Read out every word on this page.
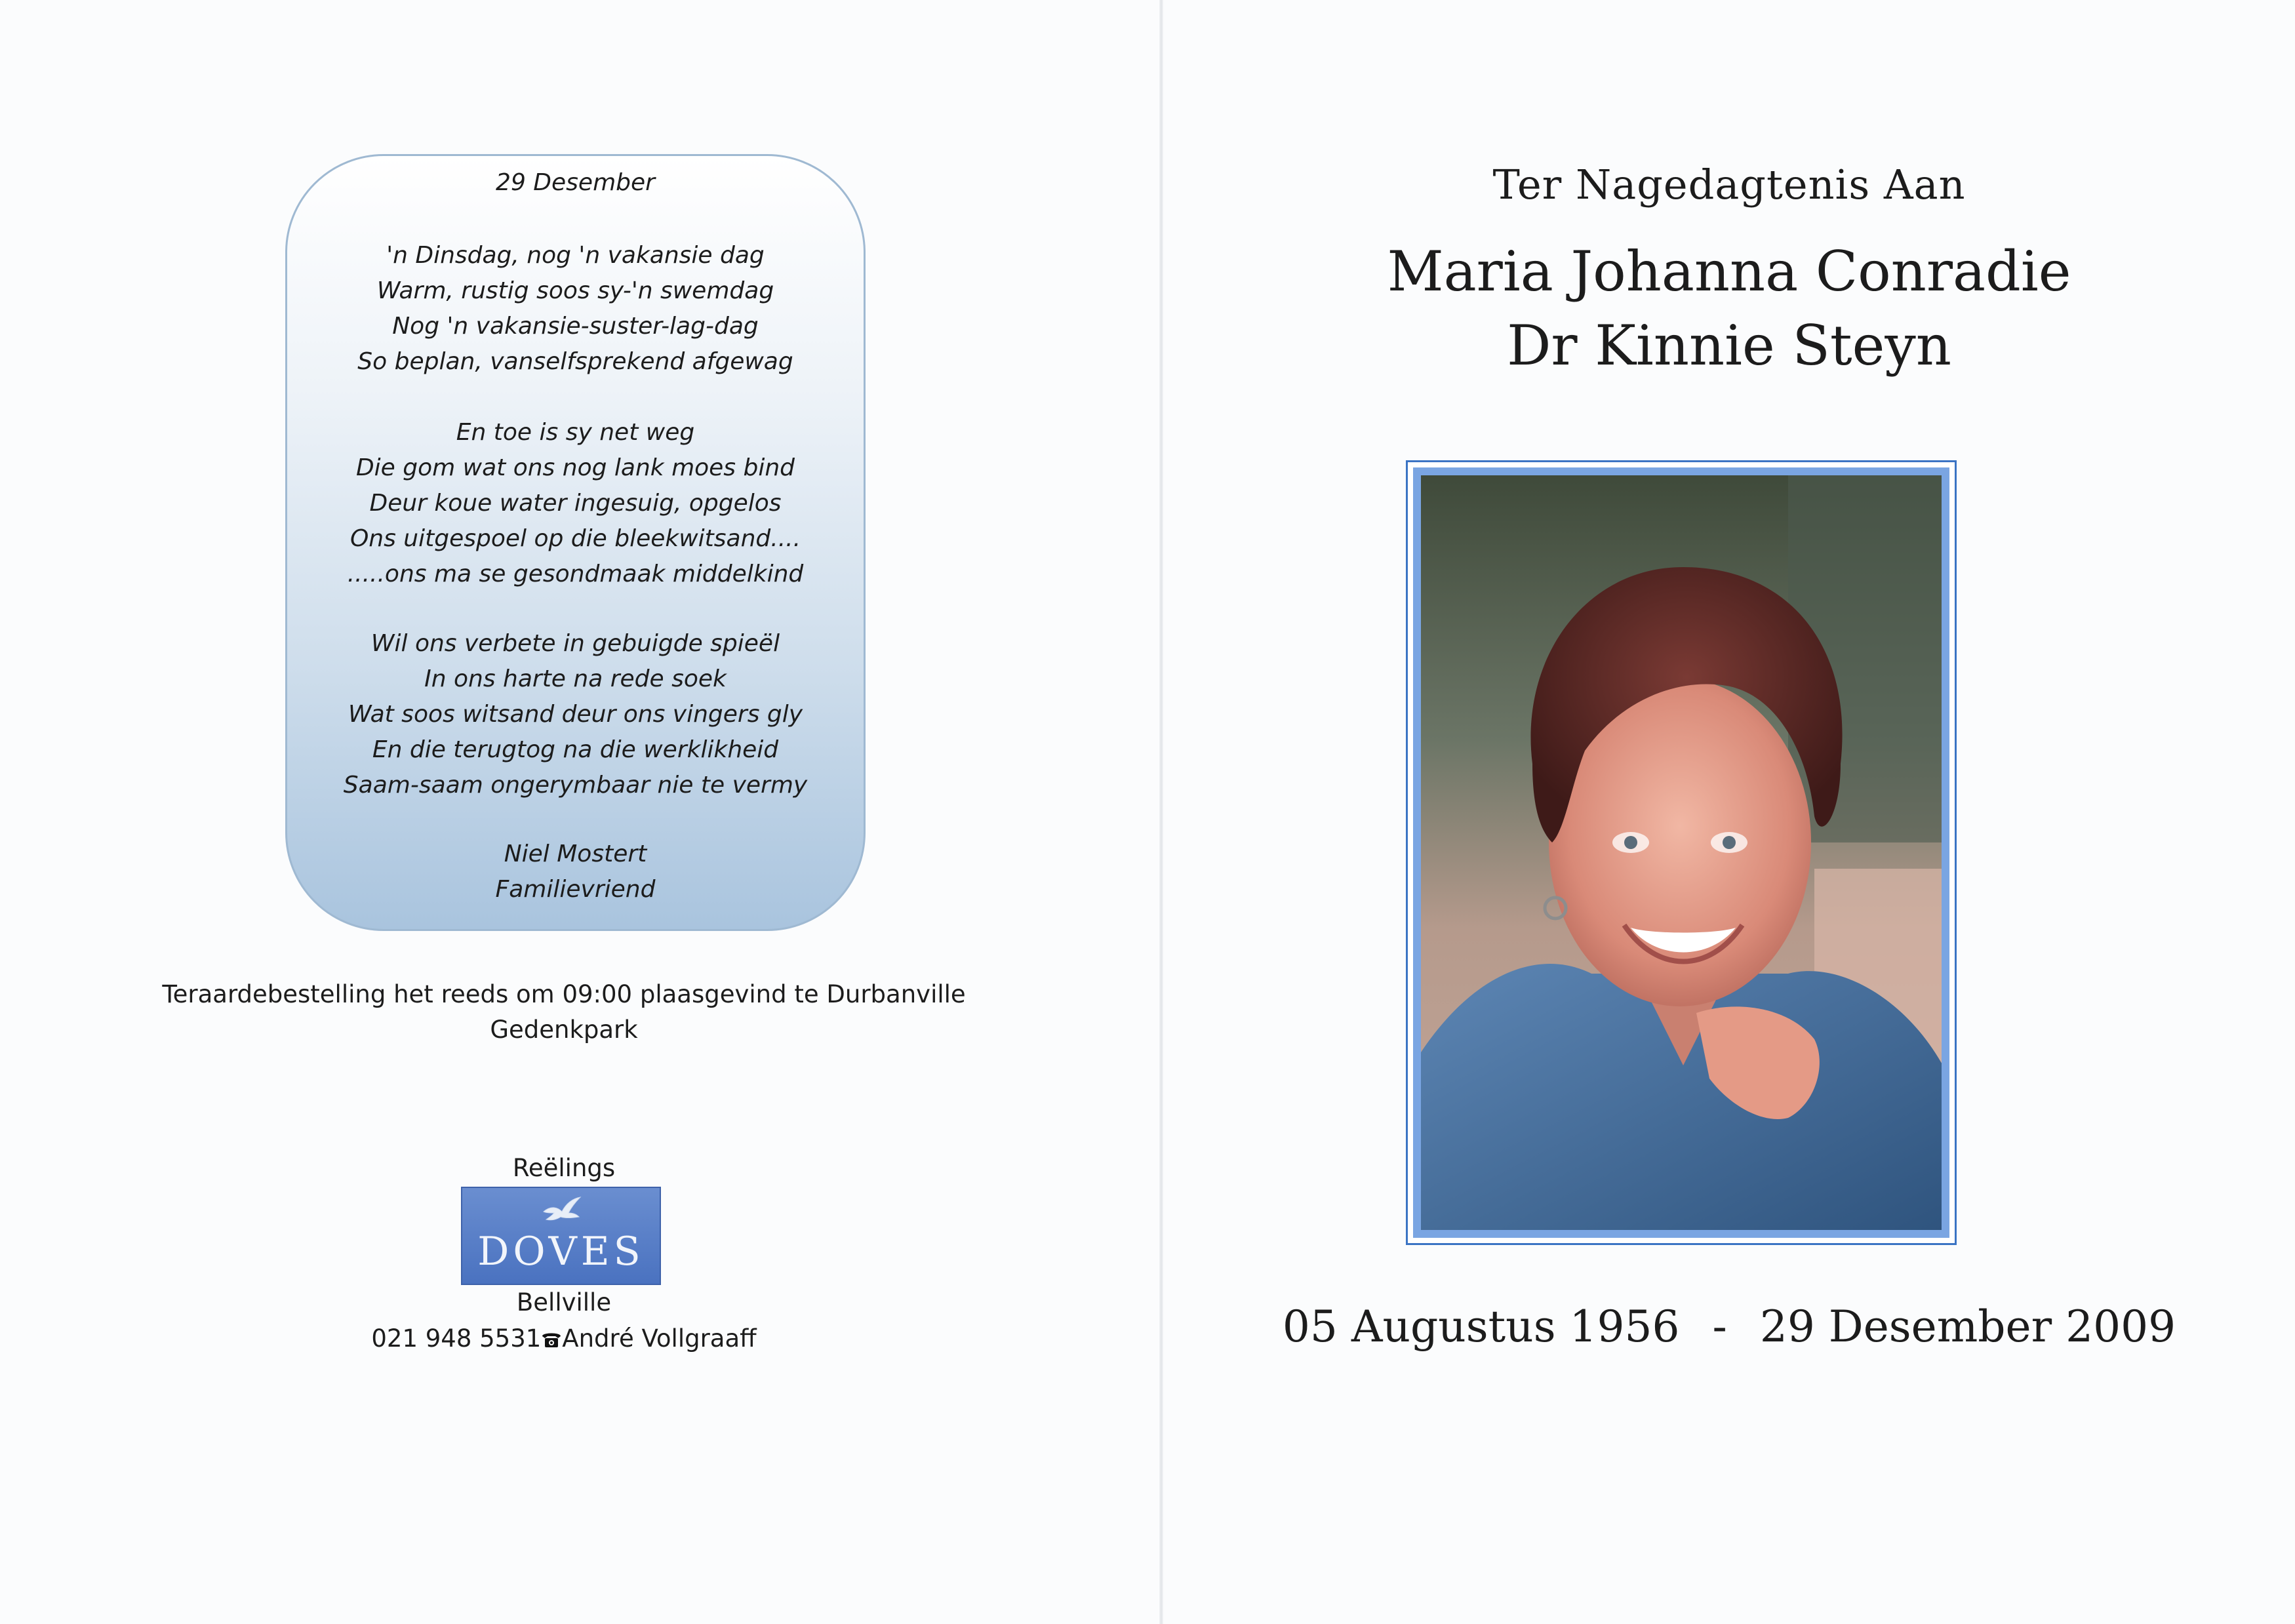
29 Desember
'n Dinsdag, nog 'n vakansie dag
Warm, rustig soos sy-'n swemdag
Nog 'n vakansie-suster-lag-dag
So beplan, vanselfsprekend afgewag
En toe is sy net weg
Die gom wat ons nog lank moes bind
Deur koue water ingesuig, opgelos
Ons uitgespoel op die bleekwitsand....
.....ons ma se gesondmaak middelkind
Wil ons verbete in gebuigde spieël
In ons harte na rede soek
Wat soos witsand deur ons vingers gly
En die terugtog na die werklikheid
Saam-saam ongerymbaar nie te vermy
Niel Mostert
Familievriend
Teraardebestelling het reeds om 09:00 plaasgevind te Durbanville
Gedenkpark
Reëlings
DOVES
Bellville
021 948 5531 André Vollgraaff
Ter Nagedagtenis Aan
Maria Johanna Conradie
Dr Kinnie Steyn
05 Augustus 1956 - 29 Desember 2009
